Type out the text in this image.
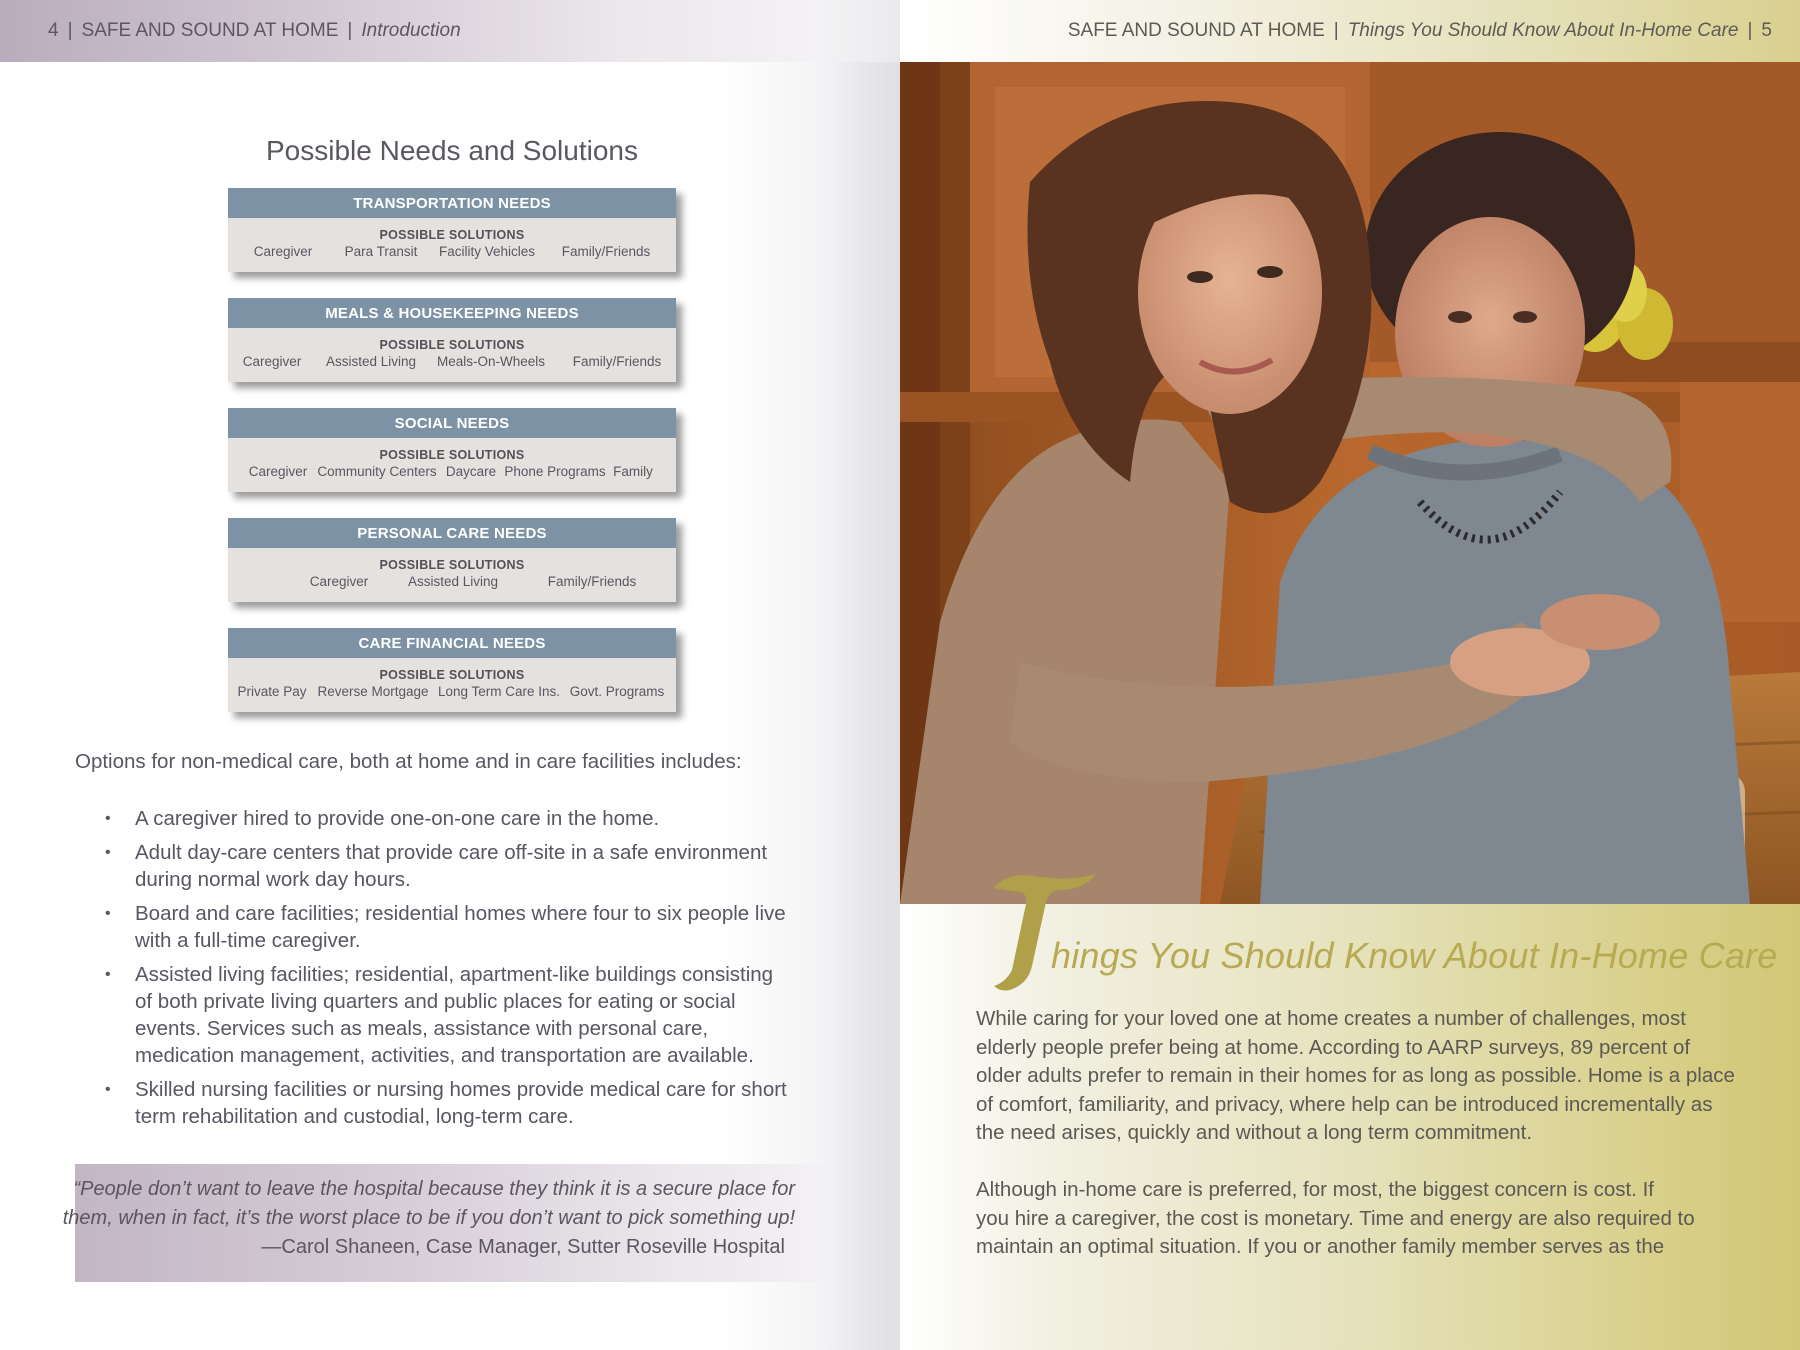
4 | SAFE AND SOUND AT HOME | Introduction
Possible Needs and Solutions
TRANSPORTATION NEEDS
POSSIBLE SOLUTIONS
Caregiver Para Transit Facility Vehicles Family/Friends
MEALS & HOUSEKEEPING NEEDS
POSSIBLE SOLUTIONS
Caregiver Assisted Living Meals-On-Wheels Family/Friends
SOCIAL NEEDS
POSSIBLE SOLUTIONS
Caregiver Community Centers Daycare Phone Programs Family
PERSONAL CARE NEEDS
POSSIBLE SOLUTIONS
Caregiver	Assisted Living	Family/Friends
CARE FINANCIAL NEEDS
POSSIBLE SOLUTIONS
Private Pay Reverse Mortgage Long Term Care Ins. Govt. Programs
Options for non-medical care, both at home and in care facilities includes:
• A caregiver hired to provide one-on-one care in the home.
• Adult day-care centers that provide care off-site in a safe environment
during normal work day hours.
• Board and care facilities; residential homes where four to six people live
with a full-time caregiver.
• Assisted living facilities; residential, apartment-like buildings consisting
of both private living quarters and public places for eating or social
events. Services such as meals, assistance with personal care,
medication management, activities, and transportation are available.
• Skilled nursing facilities or nursing homes provide medical care for short
term rehabilitation and custodial, long-term care.
“People don’t want to leave the hospital because they think it is a secure place for
them, when in fact, it’s the worst place to be if you don’t want to pick something up!
—Carol Shaneen, Case Manager, Sutter Roseville Hospital
SAFE AND SOUND AT HOME | Things You Should Know About In-Home Care | 5
hings You Should Know About In-Home Care
While caring for your loved one at home creates a number of challenges, most
elderly people prefer being at home. According to AARP surveys, 89 percent of
older adults prefer to remain in their homes for as long as possible. Home is a place
of comfort, familiarity, and privacy, where help can be introduced incrementally as
the need arises, quickly and without a long term commitment.
Although in-home care is preferred, for most, the biggest concern is cost. If
you hire a caregiver, the cost is monetary. Time and energy are also required to
maintain an optimal situation. If you or another family member serves as the
